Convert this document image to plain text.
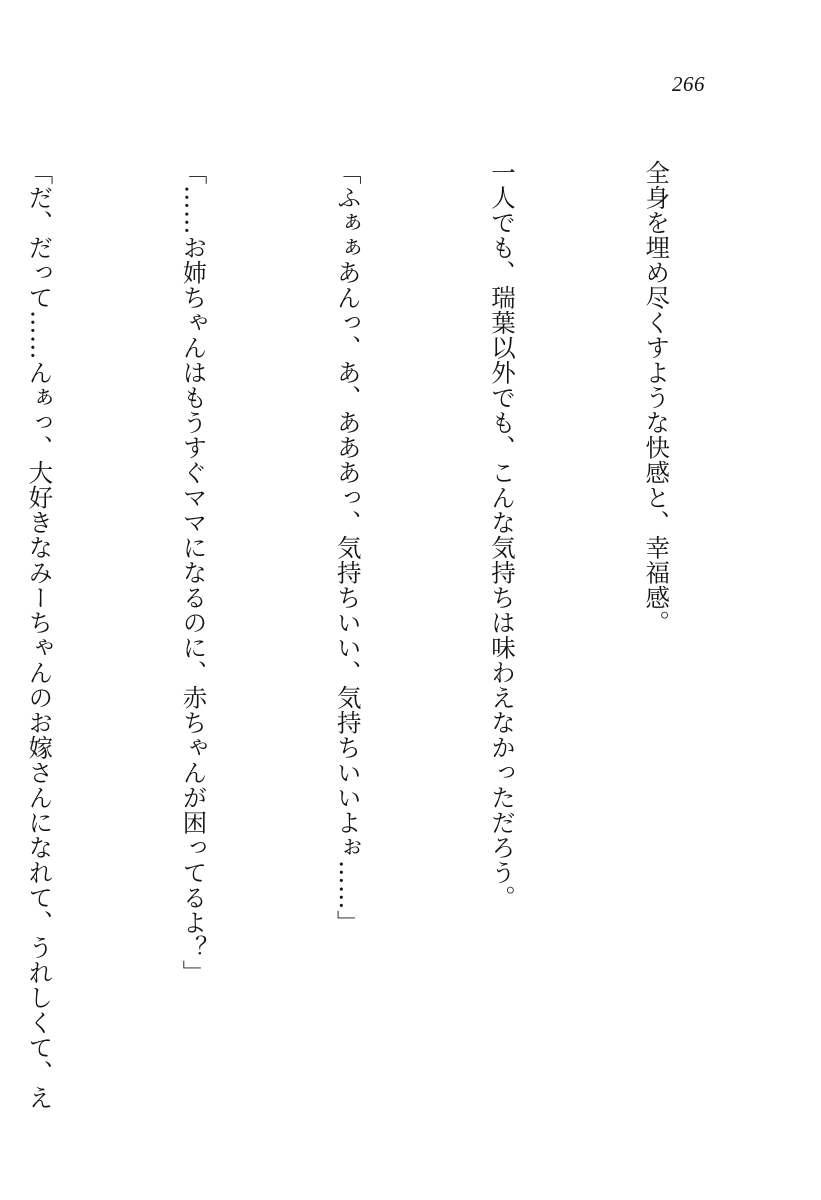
266

全身を埋め尽くすような快感と、幸福感。

一人でも、瑞葉以外でも、こんな気持ちは味わえなかっただろう。

「ふぁぁあんっ、あ、あああっ、気持ちいい、気持ちいいよぉ……」

「……お姉ちゃんはもうすぐママになるのに、赤ちゃんが困ってるよ？」

「だ、だって……んぁっ、大好きなみーちゃんのお嫁さんになれて、うれしくて、え
